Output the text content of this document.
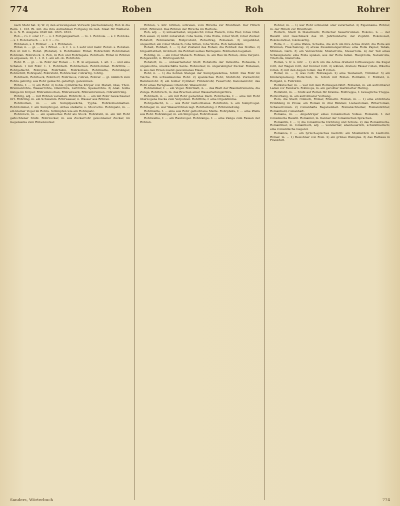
774	Roben	Roh	Rohrer

nach Mehl hat. 2) W. 2) den erzwungenen Vorwerk [Aschersleben]. Rob in die Reim. 1. 103. Bl. mit. die ihre Aufnahmen Fortgang im Geh. Staat für Wahlerei. G. u. N. R. Ausgabe 1848 mit. 1825. 1823.

Rob..., ro. f. oder 17. ... s. f. Fortgangsarbeit. ... rs. 1. Robbole. ... s. f. Robbole. ... s. f. Roboterisch. ... s. f. 1 ... ro.

Röbbelen, s. f. Röbber. ... s. f. Röbbelen.

Röbel, n. ... gl. ... m. 1 Röbel. ... 2. f. 1. s. f. sehr und mehr. Robst. s. Robsten. Rob nt mit L. Robst. (Robstal). 2. Rohrhamm: Röbel; Rohrschild; Rohrstiebel; Rohrstab. Rohrstock. 2. Rob, in Rob und Rohrtapete. Rohrbein. Röbel in Röhren zu ergessen, 10. 1. 1. 8. 1. ein alt. ob. Rohrlohn.

Rohr. R. ... gl. ... m. Rohr der Roben ... 1. H. in ergessen, 1. alt. 1 ... und eine Schalen. 1 mit Rohr. 1. 1. Rohrdach. Rohrdecken. Rohrdommel. Rohrflöte ... Rohrgeflecht, Rohrgras, Rohrhuhn, Rohrkolben, Rohrmatte, Rohrsänger, Rohrschilf, Rohrspatz, Rohrstuhl, Rohrzucker, rohrartig, rohrig.

Rohrbach, Rohrbeck, Rohrdorf, Rohrmoos, rohren, Rohrer. ... gl. nämlich zum Rohre gehörig; aus Rohr gemacht, gefertigt, genommen.

Röhre, f. ... 1) ein Rohr. 2) hohle cylindrische Körper von Metall, Glas, Thon. Brunnenröhre, Wasserröhre, Ofenröhre, Luftröhre, Speiseröhre. 3) Anat. hohle Gänge im Körper. Röhrenknochen, Röhrenwerk, Röhrenbrunnen, röhrenförmig.

Röhrig, adj. ... mit Röhren versehen. Röhricht, n. ... ein mit Rohr bewachsener Ort. Röhrling, m. ein Schwamm. Röhrwasser, n. Wasser aus Röhren.

Rohrkolben, m. ... ein Sumpfgewächs, Typha. Rohrkolbenmatten. Rohrdommel, f. ein Sumpfvogel, Ardea stellaris; s. Moorochs. Rohrspatz, m. ... ein kleiner Vogel im Rohre. Schimpfen wie ein Rohrspatz.

Rohrstock, m. ... ein spanisches Rohr als Stock. Rohrstuhl, m. ein mit Rohr geflochtener Stuhl. Rohrzucker, m. aus Zuckerrohr gewonnener Zucker, im Gegensatze zum Rübenzucker.

Röhren, v. intr. brüllen, schreien, vom Hirsche zur Brunftzeit. Der Hirsch röhrt. Röhrend. Das Röhren der Hirsche im Herbste.

Roh, adj. ... 1) unbearbeitet, ungekocht; rohes Fleisch, rohe Eier, rohes Obst. Roh essen. 2) nicht zubereitet; rohe Seide, rohe Wolle, roher Stoff, roher Zucker. Rohstoff, Rohmaterial, Rohprodukt, Rohertrag, Roheisen. 3) ungebildet, ungesittet; ein roher Mensch, rohe Sitten, rohe Worte. Roh behandeln.

Roheit, Rohheit, f. ... 1) der Zustand des Rohen; die Rohheit des Stoffes. 2) Ungesittetheit, Grobheit; die Rohheit seines Betragens. Rohheiten begehen.

Rohling, m. ... ein roher Mensch. Rohbau, m. ein Bau im Rohen, ohne Verputz. Rohgewicht, n. Bruttogewicht.

Rohstoff, m. ... unbearbeiteter Stoff; Rohstoffe der Industrie. Rohseide, f. ungekochte, unentschälte Seide. Rohzucker, m. ungereinigter Zucker. Roheisen, n. aus den Erzen zuerst gewonnenes Eisen.

Rohr, n. ... 1) die hohlen Stengel der Sumpfgewächse, Schilf. Das Rohr im Teiche. Ein schwankendes Rohr. 2) spanisches Rohr, Stuhlrohr, Zuckerrohr, Bambusrohr. 3) ein hohler Cylinder; Flintenrohr, Feuerrohr, Kanonenrohr; das Rohr eines Fernglases; Ofenrohr, Wasserrohr.

Rohrammer, f. ... ein Vogel. Rohrblatt, n. ... das Blatt der Blasinstrumente, die Zunge. Rohrbruch, m. das Brechen einer Wasserleitungsröhre.

Rohrdach, n. ... ein mit Rohr gedecktes Dach. Rohrdecke, f. ... eine mit Rohr überzogene Decke zum Verputzen. Rohrflöte, f. eine Orgelstimme.

Rohrgeflecht, n. ... aus Rohr Geflochtenes. Rohrhuhn, n. ein Sumpfvogel. Rohrleger, m. wer Wasserröhren legt. Rohrleitung, f. Röhrenleitung.

Rohrmatte, f. ... eine aus Rohr geflochtene Matte. Rohrpfeife, f. ... eine Pfeife aus Rohr. Rohrsänger, m. ein Singvogel, Rohrdrossel.

Rohrweihe, f. ... ein Raubvogel. Rohrzange, f. ... eine Zange zum Fassen der Röhren.

Rohrer, m. ... 1) wer Rohr schneidet oder verarbeitet. 2) Eigenname. Röhrer, m. der Hirsch zur Brunftzeit.

Roitsch, Stadt in Steiermark; Roitscher Sauerbrunnen. Rokoko, n. ... der Baustil und Geschmack des 18. Jahrhunderts; der Zopfstil. Rokokozeit, Rokokomöbel, rokokoartig.

Rolle, f. ... 1) eine Walze, Scheibe, die sich um ihre Achse dreht; die Rolle am Brunnen, Flaschenzug. 2) etwas Zusammengerolltes; eine Rolle Papier, Tabak, Münzen, Garn. 3) ein Verzeichnis; Musterrolle, Steuerrolle. 4) der Teil eines Schauspielers; eine Rolle spielen, aus der Rolle fallen. Hauptrolle, Nebenrolle, Titelrolle, Glanzrolle.

Rollen, v. tr. u. intr. ... 1) sich um die Achse drehend fortbewegen; die Kugel rollt, der Wagen rollt, der Donner rollt. 2) wälzen, drehen; Fässer rollen, Wäsche rollen. 3) mit den Augen rollen; das R rollen.

Roller, m. ... 1) was rollt; Rollwagen. 2) eine Taubenart, Tümmler. 3) ein Kinderspielzeug. Rollschuh, m. Schuh mit Rollen. Rollbahn, f. Rollfeld, n. Rollgeld, n. Fuhrlohn.

Rollkutscher, m. ... wer mit dem Rollwagen fährt. Rolladen, m. ein aufrollbarer Laden vor Fenstern. Rollmops, m. ein gerollter marinierter Hering.

Rollstuhl, m. ... Stuhl auf Rollen für Kranke. Rolltreppe, f. bewegliche Treppe. Rollvorhang, m. ein aufrollbarer Vorhang.

Rom, die Stadt; römisch, Römer, Römerin. Roman, m. ... 1) eine erdichtete Erzählung in Prosa; ein Roman in drei Bänden; Liebesroman, Ritterroman, Schauerroman. 2) romanhafte Begebenheit. Romanschreiber, Romandichter, Romanheld, romanhaft.

Romane, m. ... Angehöriger eines romanischen Volkes. Romanik, f. der romanische Baustil. Romanist, m. Kenner der romanischen Sprachen.

Romantik, f. ... 1) die romantische Dichtung und Schule. 2) das Romantische. Romantiker, m. romantisch, adj. ... wunderbar, abenteuerlich, schwärmerisch; eine romantische Gegend.

Romanze, f. ... ein lyrisch-episches Gedicht; ein Musikstück in Liedform. Römer, m. ... 1) Bewohner von Rom. 2) ein grünes Weinglas. 3) das Rathaus in Frankfurt.

Sanders, Wörterbuch	774
